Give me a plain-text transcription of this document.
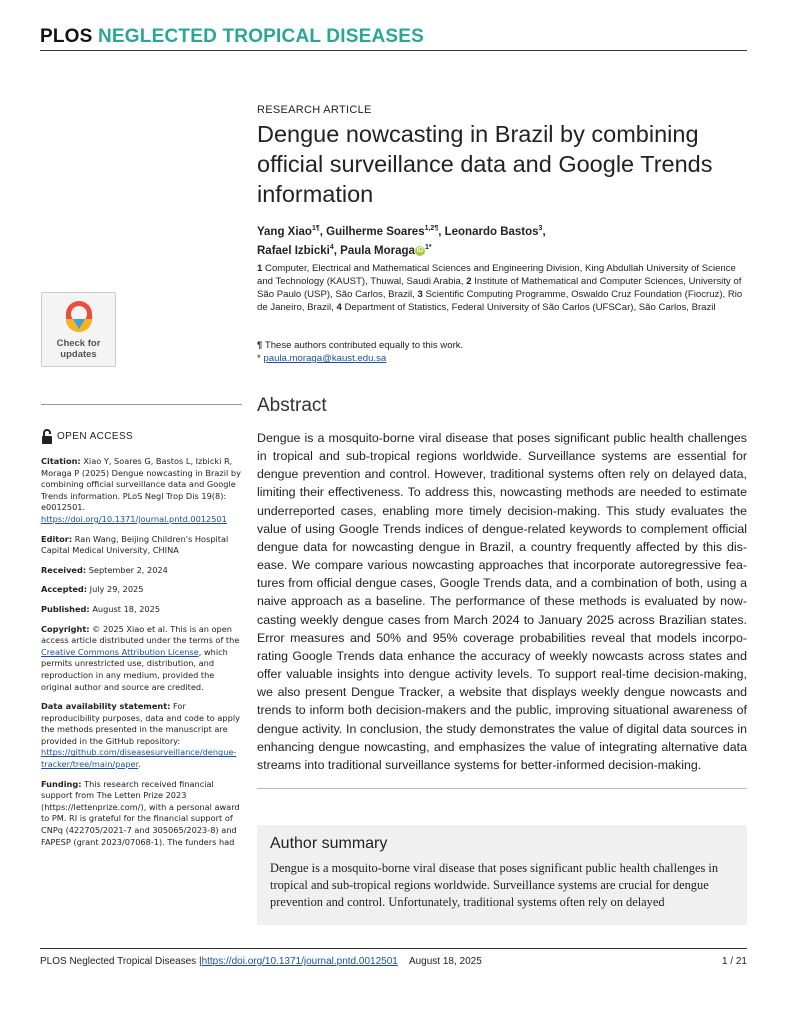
PLOS NEGLECTED TROPICAL DISEASES
RESEARCH ARTICLE
Dengue nowcasting in Brazil by combining official surveillance data and Google Trends information
Yang Xiao$^{1\P}$, Guilherme Soares$^{1,2\P}$, Leonardo Bastos$^3$,
Rafael Izbicki$^4$, Paula Moraga iD $^{1*}$
1 Computer, Electrical and Mathematical Sciences and Engineering Division, King Abdullah University of Science and Technology (KAUST), Thuwal, Saudi Arabia, 2 Institute of Mathematical and Computer Sciences, University of São Paulo (USP), São Carlos, Brazil, 3 Scientific Computing Programme, Oswaldo Cruz Foundation (Fiocruz), Rio de Janeiro, Brazil, 4 Department of Statistics, Federal University of São Carlos (UFSCar), São Carlos, Brazil
¶ These authors contributed equally to this work.
* paula.moraga@kaust.edu.sa
Check for
updates
OPEN ACCESS

Citation: Xiao Y, Soares G, Bastos L, Izbicki R, Moraga P (2025) Dengue nowcasting in Brazil by combining official surveillance data and Google Trends information. PLoS Negl Trop Dis 19(8): e0012501. https://doi.org/10.1371/journal.pntd.0012501

Editor: Ran Wang, Beijing Children's Hospital Capital Medical University, CHINA

Received: September 2, 2024

Accepted: July 29, 2025

Published: August 18, 2025

Copyright: © 2025 Xiao et al. This is an open access article distributed under the terms of the Creative Commons Attribution License, which permits unrestricted use, distribution, and reproduction in any medium, provided the original author and source are credited.

Data availability statement: For reproducibility purposes, data and code to apply the methods presented in the manuscript are provided in the GitHub repository: https://github.com/diseasesurveillance/dengue-tracker/tree/main/paper.

Funding: This research received financial support from The Letten Prize 2023 (https://lettenprize.com/), with a personal award to PM. RI is grateful for the financial support of CNPq (422705/2021-7 and 305065/2023-8) and FAPESP (grant 2023/07068-1). The funders had

Abstract
Dengue is a mosquito-borne viral disease that poses significant public health challenges in tropical and sub-tropical regions worldwide. Surveillance systems are essential for dengue prevention and control. However, traditional systems often rely on delayed data, limiting their effectiveness. To address this, nowcasting methods are needed to estimate underreported cases, enabling more timely decision-making. This study evaluates the value of using Google Trends indices of dengue-related keywords to complement official dengue data for nowcasting dengue in Brazil, a country frequently affected by this dis-ease. We compare various nowcasting approaches that incorporate autoregressive fea-tures from official dengue cases, Google Trends data, and a combination of both, using a naive approach as a baseline. The performance of these methods is evaluated by now-casting weekly dengue cases from March 2024 to January 2025 across Brazilian states. Error measures and 50% and 95% coverage probabilities reveal that models incorpo-rating Google Trends data enhance the accuracy of weekly nowcasts across states and offer valuable insights into dengue activity levels. To support real-time decision-making, we also present Dengue Tracker, a website that displays weekly dengue nowcasts and trends to inform both decision-makers and the public, improving situational awareness of dengue activity. In conclusion, the study demonstrates the value of digital data sources in enhancing dengue nowcasting, and emphasizes the value of integrating alternative data streams into traditional surveillance systems for better-informed decision-making.
Author summary
Dengue is a mosquito-borne viral disease that poses significant public health challenges in tropical and sub-tropical regions worldwide. Surveillance systems are crucial for dengue prevention and control. Unfortunately, traditional systems often rely on delayed
PLOS Neglected Tropical Diseases |https://doi.org/10.1371/journal.pntd.0012501 August 18, 2025	1 / 21
